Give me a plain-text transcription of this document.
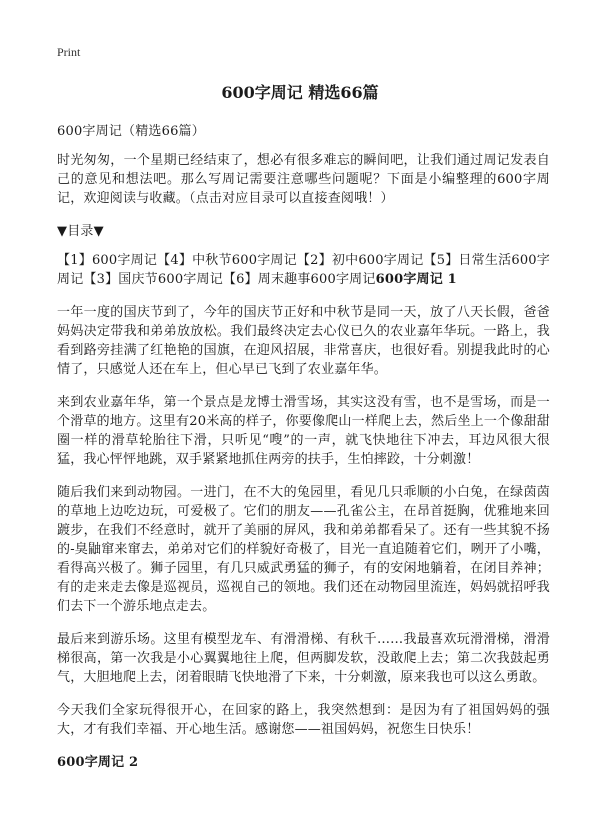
Print
600字周记 精选66篇

600字周记（精选66篇）

时光匆匆，一个星期已经结束了，想必有很多难忘的瞬间吧，让我们通过周记发表自己的意见和想法吧。那么写周记需要注意哪些问题呢？下面是小编整理的600字周记，欢迎阅读与收藏。（点击对应目录可以直接查阅哦！）

▼目录▼

【1】600字周记【4】中秋节600字周记【2】初中600字周记【5】日常生活600字周记【3】国庆节600字周记【6】周末趣事600字周记600字周记 1

一年一度的国庆节到了，今年的国庆节正好和中秋节是同一天，放了八天长假，爸爸妈妈决定带我和弟弟放放松。我们最终决定去心仪已久的农业嘉年华玩。一路上，我看到路旁挂满了红艳艳的国旗，在迎风招展，非常喜庆，也很好看。别提我此时的心情了，只感觉人还在车上，但心早已飞到了农业嘉年华。

来到农业嘉年华，第一个景点是龙博士滑雪场，其实这没有雪，也不是雪场，而是一个滑草的地方。这里有20米高的样子，你要像爬山一样爬上去，然后坐上一个像甜甜圈一样的滑草轮胎往下滑，只听见“嗖”的一声，就飞快地往下冲去，耳边风很大很猛，我心怦怦地跳，双手紧紧地抓住两旁的扶手，生怕摔跤，十分刺激！

随后我们来到动物园。一进门，在不大的兔园里，看见几只乖顺的小白兔，在绿茵茵的草地上边吃边玩，可爱极了。它们的朋友——孔雀公主，在昂首挺胸，优雅地来回踱步，在我们不经意时，就开了美丽的屏风，我和弟弟都看呆了。还有一些其貌不扬的-臭鼬窜来窜去，弟弟对它们的样貌好奇极了，目光一直追随着它们，咧开了小嘴，看得高兴极了。狮子园里，有几只威武勇猛的狮子，有的安闲地躺着，在闭目养神；有的走来走去像是巡视员，巡视自己的领地。我们还在动物园里流连，妈妈就招呼我们去下一个游乐地点走去。

最后来到游乐场。这里有模型龙车、有滑滑梯、有秋千……我最喜欢玩滑滑梯，滑滑梯很高，第一次我是小心翼翼地往上爬，但两脚发软，没敢爬上去；第二次我鼓起勇气，大胆地爬上去，闭着眼睛飞快地滑了下来，十分刺激，原来我也可以这么勇敢。

今天我们全家玩得很开心，在回家的路上，我突然想到：是因为有了祖国妈妈的强大，才有我们幸福、开心地生活。感谢您——祖国妈妈，祝您生日快乐！

600字周记 2
